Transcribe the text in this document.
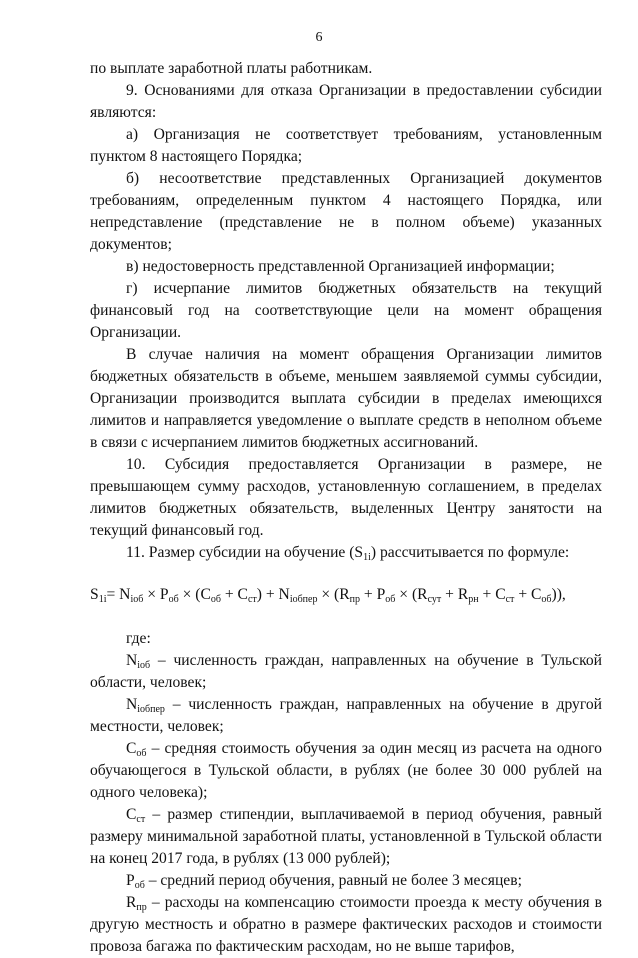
6

по выплате заработной платы работникам.

9. Основаниями для отказа Организации в предоставлении субсидии являются:

а) Организация не соответствует требованиям, установленным пунктом 8 настоящего Порядка;

б) несоответствие представленных Организацией документов требованиям, определенным пунктом 4 настоящего Порядка, или непредставление (представление не в полном объеме) указанных документов;

в) недостоверность представленной Организацией информации;

г) исчерпание лимитов бюджетных обязательств на текущий финансовый год на соответствующие цели на момент обращения Организации.

В случае наличия на момент обращения Организации лимитов бюджетных обязательств в объеме, меньшем заявляемой суммы субсидии, Организации производится выплата субсидии в пределах имеющихся лимитов и направляется уведомление о выплате средств в неполном объеме в связи с исчерпанием лимитов бюджетных ассигнований.

10. Субсидия предоставляется Организации в размере, не превышающем сумму расходов, установленную соглашением, в пределах лимитов бюджетных обязательств, выделенных Центру занятости на текущий финансовый год.

11. Размер субсидии на обучение $(S_{1i})$ рассчитывается по формуле:

$S_{1i}= N_{iоб} \times P_{об} \times (C_{об} + C_{ст}) + N_{iобпер} \times (R_{пр} + P_{об} \times (R_{сут} + R_{рн} + C_{ст} + C_{об}))$,

где:

$N_{iоб}$ – численность граждан, направленных на обучение в Тульской области, человек;

$N_{iобпер}$ – численность граждан, направленных на обучение в другой местности, человек;

$C_{об}$ – средняя стоимость обучения за один месяц из расчета на одного обучающегося в Тульской области, в рублях (не более 30 000 рублей на одного человека);

$C_{ст}$ – размер стипендии, выплачиваемой в период обучения, равный размеру минимальной заработной платы, установленной в Тульской области на конец 2017 года, в рублях (13 000 рублей);

$P_{об}$ – средний период обучения, равный не более 3 месяцев;

$R_{пр}$ – расходы на компенсацию стоимости проезда к месту обучения в другую местность и обратно в размере фактических расходов и стоимости провоза багажа по фактическим расходам, но не выше тарифов,
